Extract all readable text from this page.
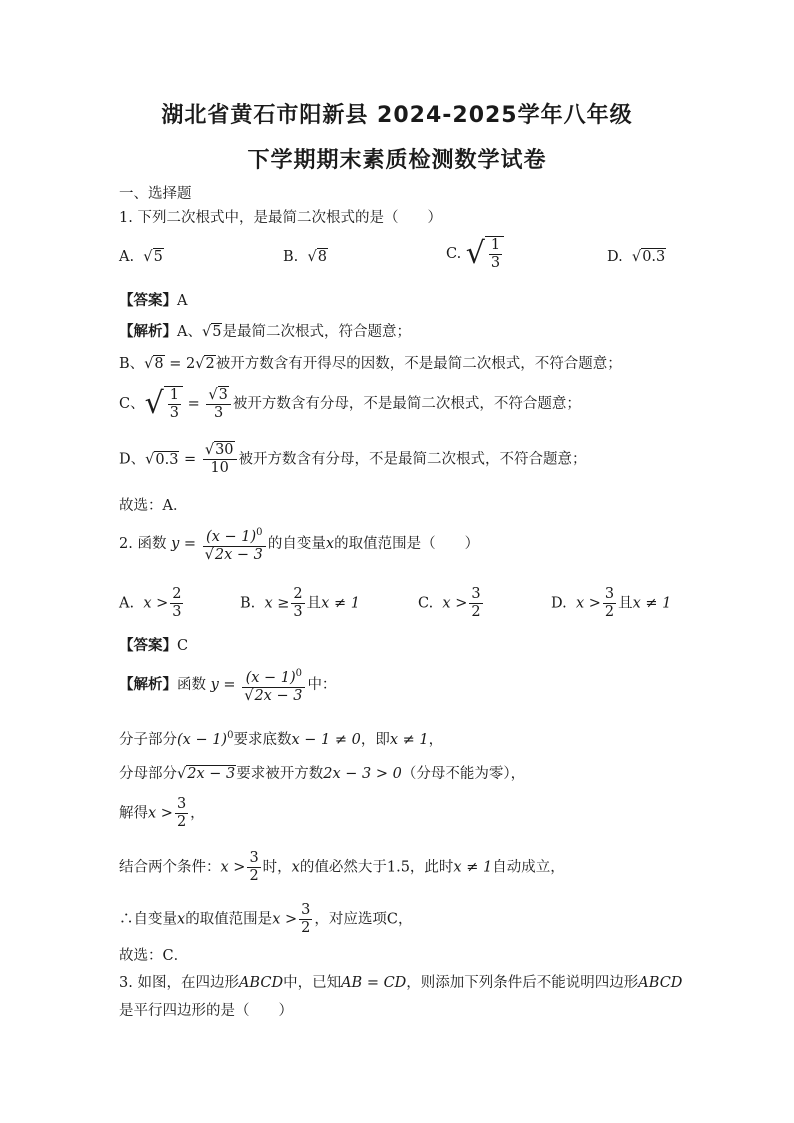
湖北省黄石市阳新县 2024-2025学年八年级
下学期期末素质检测数学试卷
一、选择题
1. 下列二次根式中，是最简二次根式的是（　　）
A.  √5	B.  √8	C. √ $\frac{1}{3}$	D.  √0.3
【答案】A
【解析】A、√5是最简二次根式，符合题意；
B、√8 = 2√2被开方数含有开得尽的因数，不是最简二次根式，不符合题意；
C、 √ $\frac{1}{3} = \frac{√3}{3}$ 被开方数含有分母，不是最简二次根式，不符合题意；
D、$√0.3 = \frac{√30}{10}$ 被开方数含有分母，不是最简二次根式，不符合题意；
故选：A．
2. 函数 $y = \frac{(x - 1)^0}{√2x - 3}$ 的自变量x的取值范围是（　　）
A. $x > \frac{2}{3}$	B. $x \ge \frac{2}{3}$ 且x ≠ 1	C. $x > \frac{3}{2}$	D. $x > \frac{3}{2}$ 且x ≠ 1
【答案】C
【解析】函数 $y = \frac{(x - 1)^0}{√2x - 3}$ 中：
分子部分$(x - 1)^0$要求底数x − 1 ≠ 0，即x ≠ 1，
分母部分√2x − 3要求被开方数2x − 3 > 0（分母不能为零），
解得$x > \frac{3}{2}$ ，
结合两个条件：$x > \frac{3}{2}$ 时，x的值必然大于1.5，此时x ≠ 1自动成立，
∴自变量x的取值范围是$x > \frac{3}{2}$ ，对应选项C，
故选：C．
3. 如图，在四边形ABCD中，已知AB = CD，则添加下列条件后不能说明四边形ABCD
是平行四边形的是（　　）
